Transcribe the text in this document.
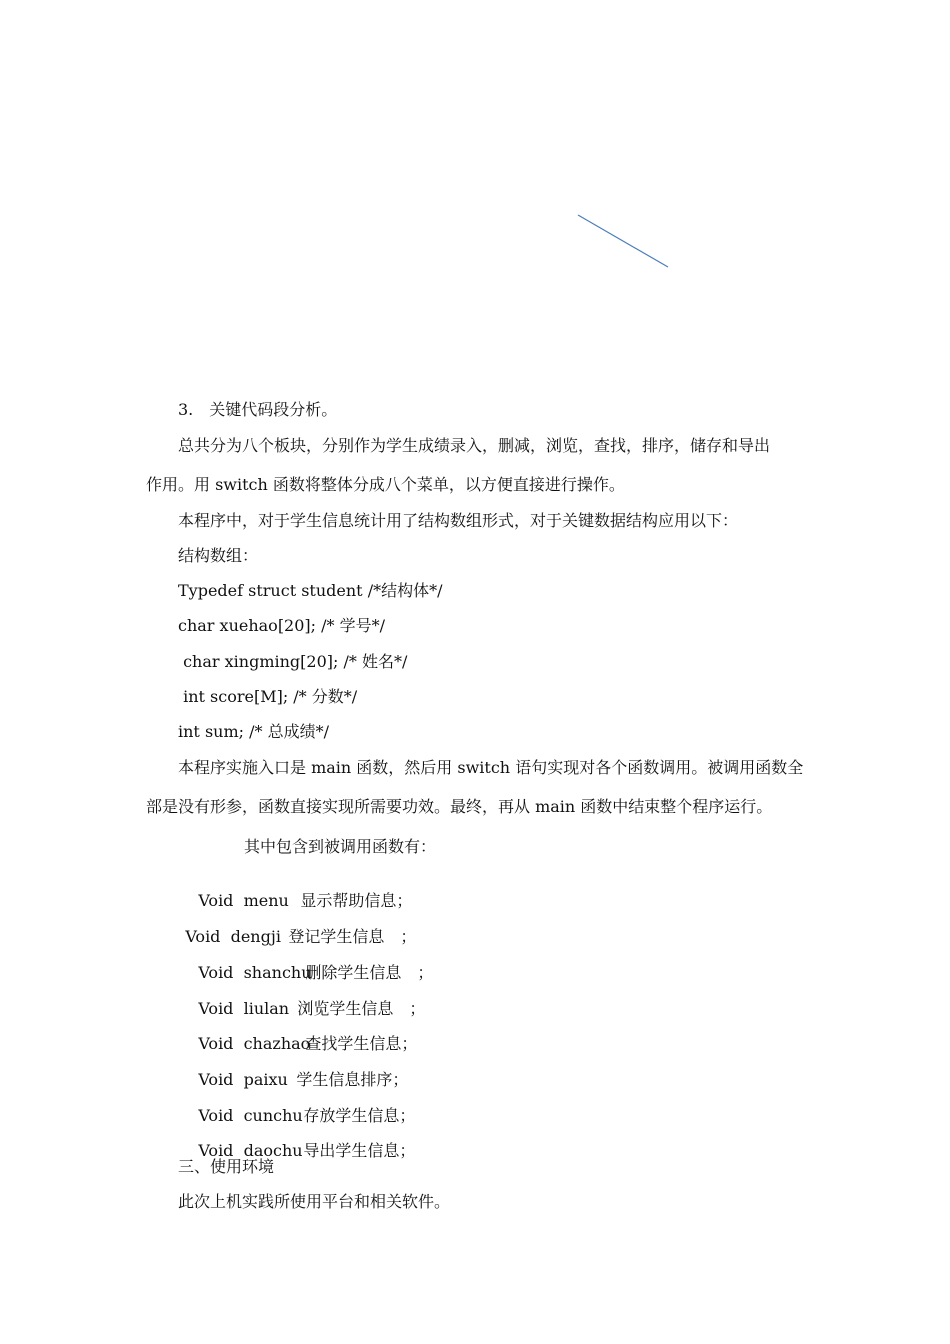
3.　关键代码段分析。
总共分为八个板块，分别作为学生成绩录入，删减，浏览，查找，排序，储存和导出
作用。用 switch 函数将整体分成八个菜单，以方便直接进行操作。
本程序中，对于学生信息统计用了结构数组形式，对于关键数据结构应用以下：
结构数组：
Typedef struct student /*结构体*/
char xuehao[20]; /* 学号*/
char xingming[20]; /* 姓名*/
int score[M]; /* 分数*/
int sum; /* 总成绩*/
本程序实施入口是 main 函数，然后用 switch 语句实现对各个函数调用。被调用函数全
部是没有形参，函数直接实现所需要功效。最终，再从 main 函数中结束整个程序运行。
其中包含到被调用函数有：

Void  menu 显示帮助信息；

Void  dengji 登记学生信息　；

Void  shanchu删除学生信息　；

Void  liulan 浏览学生信息　；

Void  chazhao查找学生信息；

Void  paixu 学生信息排序；

Void  cunchu存放学生信息；

Void  daochu导出学生信息；

三、使用环境
此次上机实践所使用平台和相关软件。
